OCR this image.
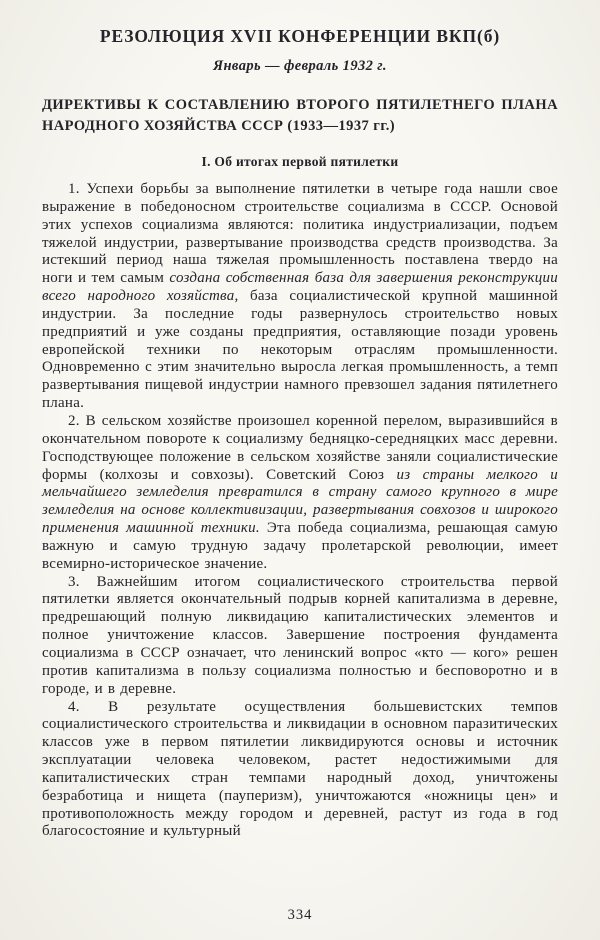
РЕЗОЛЮЦИЯ XVII КОНФЕРЕНЦИИ ВКП(б)
Январь — февраль 1932 г.
ДИРЕКТИВЫ К СОСТАВЛЕНИЮ ВТОРОГО ПЯТИЛЕТНЕГО ПЛАНА
НАРОДНОГО ХОЗЯЙСТВА СССР (1933—1937 гг.)
I. Об итогах первой пятилетки

1. Успехи борьбы за выполнение пятилетки в четыре года нашли свое выражение в победоносном строительстве социализма в СССР. Основой этих успехов социализма являются: политика индустриализации, подъем тяжелой индустрии, развертывание производства средств производства. За истекший период наша тяжелая промышленность поставлена твердо на ноги и тем самым создана собственная база для завершения реконструкции всего народного хозяйства, база социалистической крупной машинной индустрии. За последние годы развернулось строительство новых предприятий и уже созданы предприятия, оставляющие позади уровень европейской техники по некоторым отраслям промышленности. Одновременно с этим значительно выросла легкая промышленность, а темп развертывания пищевой индустрии намного превзошел задания пятилетнего плана.

2. В сельском хозяйстве произошел коренной перелом, выразившийся в окончательном повороте к социализму бедняцко-середняцких масс деревни. Господствующее положение в сельском хозяйстве заняли социалистические формы (колхозы и совхозы). Советский Союз из страны мелкого и мельчайшего земледелия превратился в страну самого крупного в мире земледелия на основе коллективизации, развертывания совхозов и широкого применения машинной техники. Эта победа социализма, решающая самую важную и самую трудную задачу пролетарской революции, имеет всемирно-историческое значение.

3. Важнейшим итогом социалистического строительства первой пятилетки является окончательный подрыв корней капитализма в деревне, предрешающий полную ликвидацию капиталистических элементов и полное уничтожение классов. Завершение построения фундамента социализма в СССР означает, что ленинский вопрос «кто — кого» решен против капитализма в пользу социализма полностью и бесповоротно и в городе, и в деревне.

4. В результате осуществления большевистских темпов социалистического строительства и ликвидации в основном паразитических классов уже в первом пятилетии ликвидируются основы и источник эксплуатации человека человеком, растет недостижимыми для капиталистических стран темпами народный доход, уничтожены безработица и нищета (пауперизм), уничтожаются «ножницы цен» и противоположность между городом и деревней, растут из года в год благосостояние и культурный

334
